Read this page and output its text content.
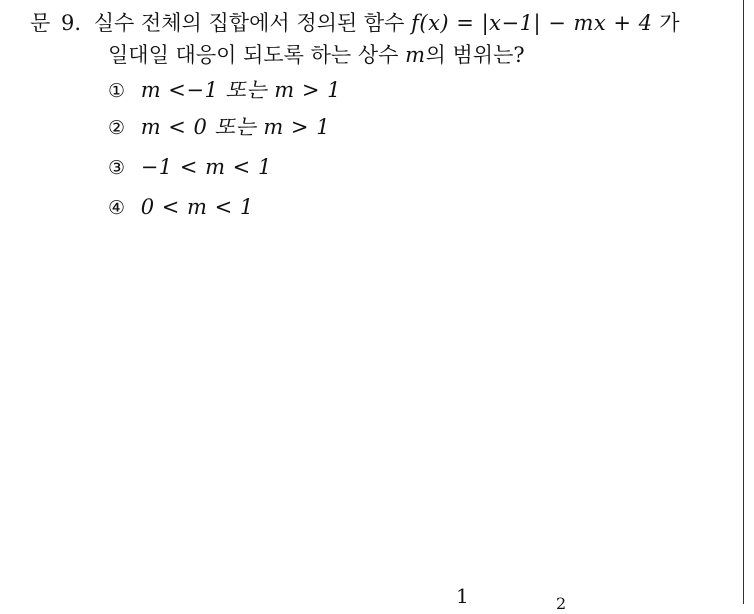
문 9. 실수 전체의 집합에서 정의된 함수 f(x) = |x−1| − mx + 4 가
일대일 대응이 되도록 하는 상수 m의 범위는?
① m <−1 또는 m > 1
② m < 0 또는 m > 1
③ −1 < m < 1
④ 0 < m < 1
1	2
